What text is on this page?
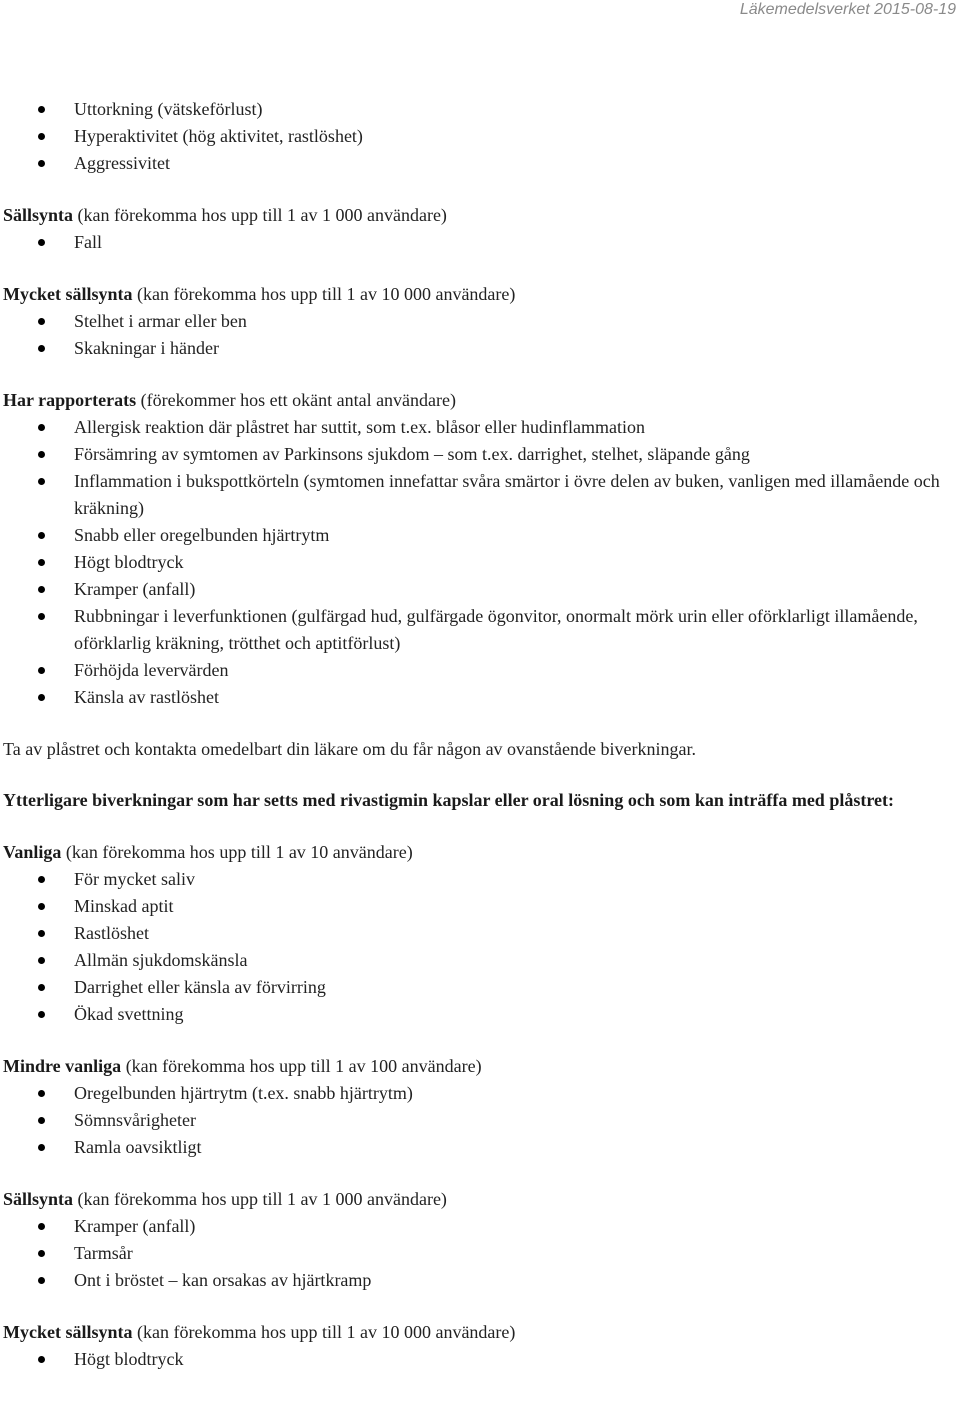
Läkemedelsverket 2015-08-19
Uttorkning (vätskeförlust)
Hyperaktivitet (hög aktivitet, rastlöshet)
Aggressivitet

Sällsynta (kan förekomma hos upp till 1 av 1 000 användare)

Fall

Mycket sällsynta (kan förekomma hos upp till 1 av 10 000 användare)

Stelhet i armar eller ben
Skakningar i händer

Har rapporterats (förekommer hos ett okänt antal användare)

Allergisk reaktion där plåstret har suttit, som t.ex. blåsor eller hudinflammation
Försämring av symtomen av Parkinsons sjukdom – som t.ex. darrighet, stelhet, släpande gång
Inflammation i bukspottkörteln (symtomen innefattar svåra smärtor i övre delen av buken, vanligen med illamående och kräkning)
Snabb eller oregelbunden hjärtrytm
Högt blodtryck
Kramper (anfall)
Rubbningar i leverfunktionen (gulfärgad hud, gulfärgade ögonvitor, onormalt mörk urin eller oförklarligt illamående, oförklarlig kräkning, trötthet och aptitförlust)
Förhöjda levervärden
Känsla av rastlöshet

Ta av plåstret och kontakta omedelbart din läkare om du får någon av ovanstående biverkningar.

Ytterligare biverkningar som har setts med rivastigmin kapslar eller oral lösning och som kan inträffa med plåstret:

Vanliga (kan förekomma hos upp till 1 av 10 användare)

För mycket saliv
Minskad aptit
Rastlöshet
Allmän sjukdomskänsla
Darrighet eller känsla av förvirring
Ökad svettning

Mindre vanliga (kan förekomma hos upp till 1 av 100 användare)

Oregelbunden hjärtrytm (t.ex. snabb hjärtrytm)
Sömnsvårigheter
Ramla oavsiktligt

Sällsynta (kan förekomma hos upp till 1 av 1 000 användare)

Kramper (anfall)
Tarmsår
Ont i bröstet – kan orsakas av hjärtkramp

Mycket sällsynta (kan förekomma hos upp till 1 av 10 000 användare)

Högt blodtryck
